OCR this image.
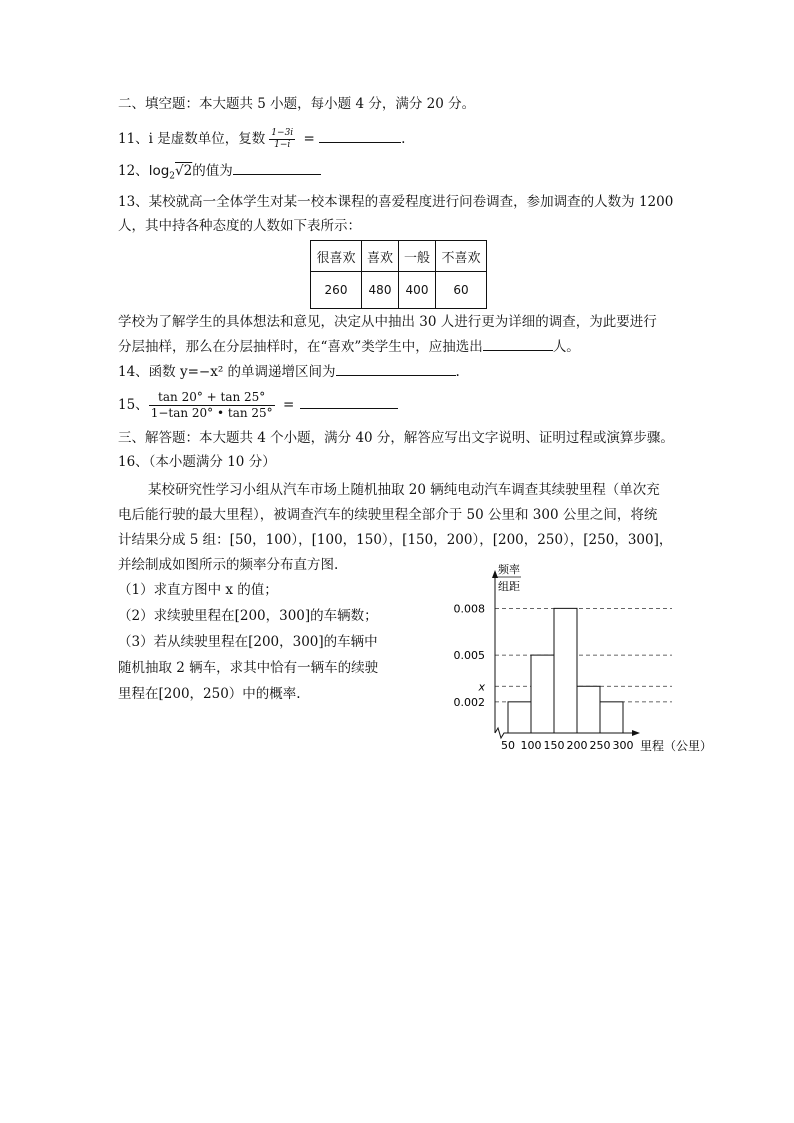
二、填空题：本大题共 5 小题，每小题 4 分，满分 20 分。
11、i 是虚数单位，复数 $\frac{1-3i}{1-i}$ =	.
12、$\log_2√2$的值为
13、某校就高一全体学生对某一校本课程的喜爱程度进行问卷调查，参加调查的人数为 1200
人，其中持各种态度的人数如下表所示：
很喜欢	喜欢	一般	不喜欢
260	480	400	60
学校为了解学生的具体想法和意见，决定从中抽出 30 人进行更为详细的调查，为此要进行
分层抽样，那么在分层抽样时，在“喜欢”类学生中，应抽选出	人。
14、函数 y=−x² 的单调递增区间为	.
15、 $\frac{\tan 20^\circ + \tan 25^\circ}{1-\tan 20^\circ • \tan 25^\circ}$ =
三、解答题：本大题共 4 个小题，满分 40 分，解答应写出文字说明、证明过程或演算步骤。
16、（本小题满分 10 分）
某校研究性学习小组从汽车市场上随机抽取 20 辆纯电动汽车调查其续驶里程（单次充
电后能行驶的最大里程），被调查汽车的续驶里程全部介于 50 公里和 300 公里之间，将统
计结果分成 5 组：[50，100），[100，150），[150，200），[200，250），[250，300]，
并绘制成如图所示的频率分布直方图.
（1）求直方图中 x 的值；
（2）求续驶里程在[200，300]的车辆数；
（3）若从续驶里程在[200，300]的车辆中
随机抽取 2 辆车，求其中恰有一辆车的续驶
里程在[200，250）中的概率.
0.008
0.005
x
0.002
50 100 150 200 250 300
频率
组距
里程（公里）
